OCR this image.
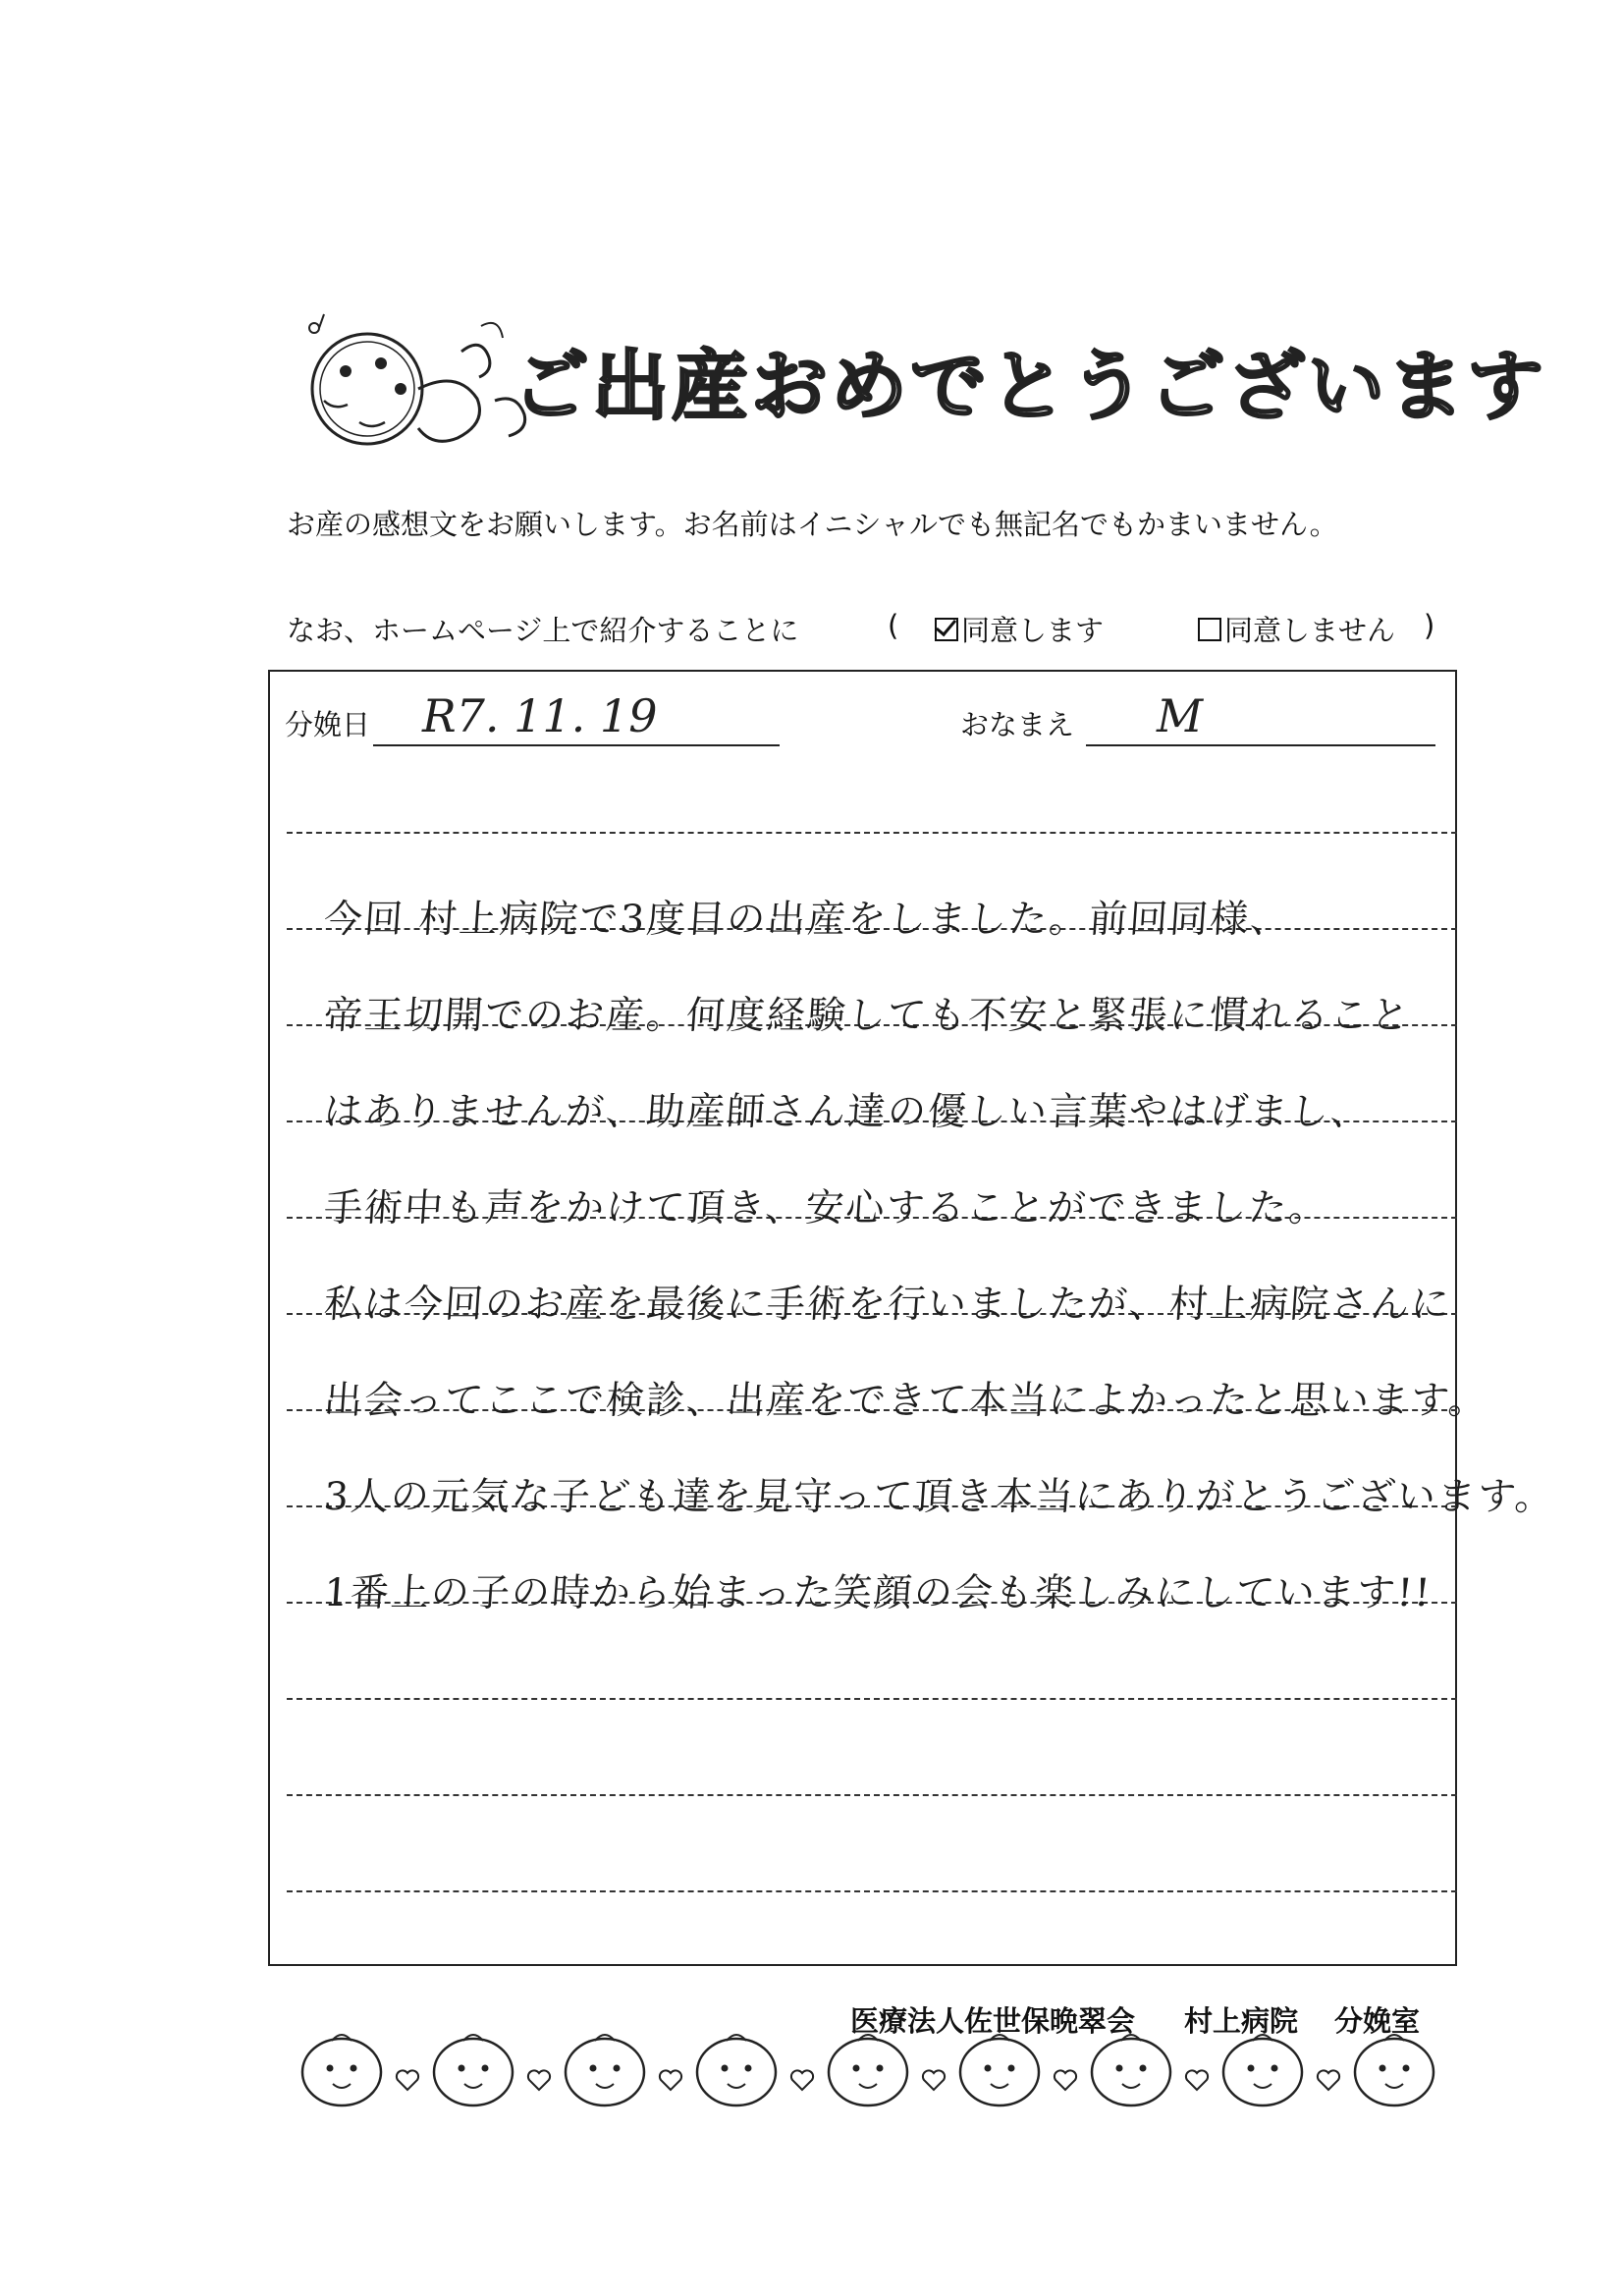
ご出産おめでとうございます
お産の感想文をお願いします。お名前はイニシャルでも無記名でもかまいません。
なお、ホームページ上で紹介することに	(	同意します	同意しません )
分娩日 R7. 11. 19	おなまえ M
今回 村上病院で3度目の出産をしました。前回同様、
帝王切開でのお産。何度経験しても不安と緊張に慣れること
はありませんが、助産師さん達の優しい言葉やはげまし、
手術中も声をかけて頂き、安心することができました。
私は今回のお産を最後に手術を行いましたが、村上病院さんに
出会ってここで検診、出産をできて本当によかったと思います。
3人の元気な子ども達を見守って頂き本当にありがとうございます。
1番上の子の時から始まった笑顔の会も楽しみにしています!!
医療法人佐世保晩翠会 村上病院 分娩室
